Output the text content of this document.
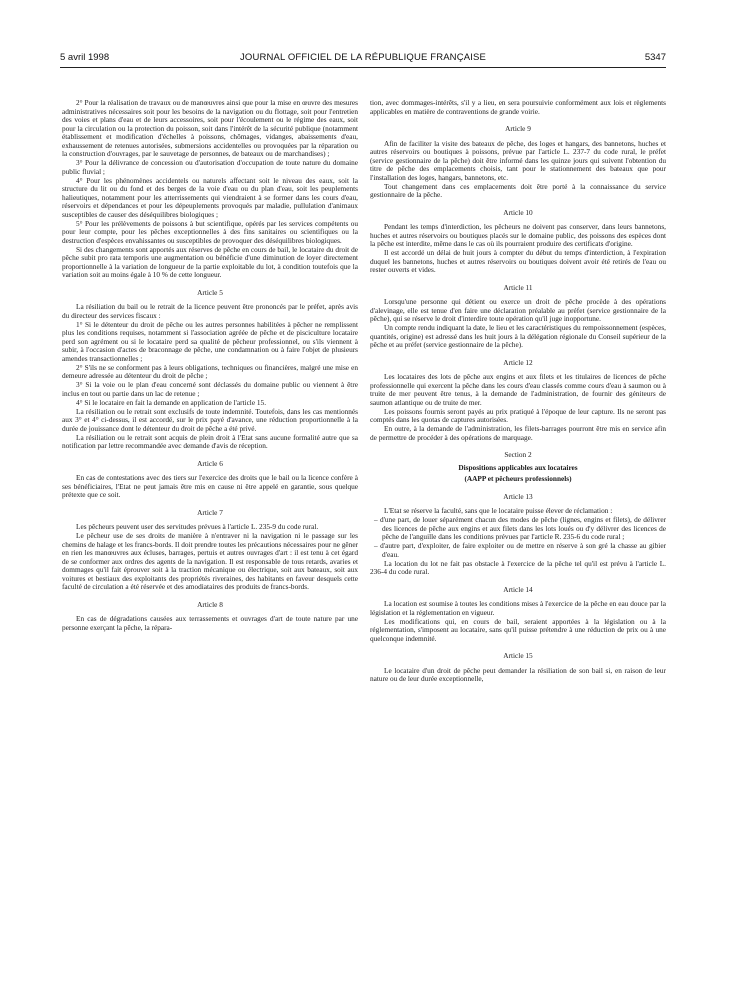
5 avril 1998	JOURNAL OFFICIEL DE LA RÉPUBLIQUE FRANÇAISE	5347

2° Pour la réalisation de travaux ou de manœuvres ainsi que pour la mise en œuvre des mesures administratives nécessaires soit pour les besoins de la navigation ou du flottage, soit pour l'entretien des voies et plans d'eau et de leurs accessoires, soit pour l'écoulement ou le régime des eaux, soit pour la circulation ou la protection du poisson, soit dans l'intérêt de la sécurité publique (notamment établissement et modification d'échelles à poissons, chômages, vidanges, abaissements d'eau, exhaussement de retenues autorisées, submersions accidentelles ou provoquées par la réparation ou la construction d'ouvrages, par le sauvetage de personnes, de bateaux ou de marchandises) ;

3° Pour la délivrance de concession ou d'autorisation d'occupation de toute nature du domaine public fluvial ;

4° Pour les phénomènes accidentels ou naturels affectant soit le niveau des eaux, soit la structure du lit ou du fond et des berges de la voie d'eau ou du plan d'eau, soit les peuplements halieutiques, notamment pour les atterrissements qui viendraient à se former dans les cours d'eau, réservoirs et dépendances et pour les dépeuplements provoqués par maladie, pullulation d'animaux susceptibles de causer des déséquilibres biologiques ;

5° Pour les prélèvements de poissons à but scientifique, opérés par les services compétents ou pour leur compte, pour les pêches exceptionnelles à des fins sanitaires ou scientifiques ou la destruction d'espèces envahissantes ou susceptibles de provoquer des déséquilibres biologiques.

Si des changements sont apportés aux réserves de pêche en cours de bail, le locataire du droit de pêche subit pro rata temporis une augmentation ou bénéficie d'une diminution de loyer directement proportionnelle à la variation de longueur de la partie exploitable du lot, à condition toutefois que la variation soit au moins égale à 10 % de cette longueur.

Article 5

La résiliation du bail ou le retrait de la licence peuvent être prononcés par le préfet, après avis du directeur des services fiscaux :

1° Si le détenteur du droit de pêche ou les autres personnes habilitées à pêcher ne remplissent plus les conditions requises, notamment si l'association agréée de pêche et de pisciculture locataire perd son agrément ou si le locataire perd sa qualité de pêcheur professionnel, ou s'ils viennent à subir, à l'occasion d'actes de braconnage de pêche, une condamnation ou à faire l'objet de plusieurs amendes transactionnelles ;

2° S'ils ne se conforment pas à leurs obligations, techniques ou financières, malgré une mise en demeure adressée au détenteur du droit de pêche ;

3° Si la voie ou le plan d'eau concerné sont déclassés du domaine public ou viennent à être inclus en tout ou partie dans un lac de retenue ;

4° Si le locataire en fait la demande en application de l'article 15.

La résiliation ou le retrait sont exclusifs de toute indemnité. Toutefois, dans les cas mentionnés aux 3° et 4° ci-dessus, il est accordé, sur le prix payé d'avance, une réduction proportionnelle à la durée de jouissance dont le détenteur du droit de pêche a été privé.

La résiliation ou le retrait sont acquis de plein droit à l'Etat sans aucune formalité autre que sa notification par lettre recommandée avec demande d'avis de réception.

Article 6

En cas de contestations avec des tiers sur l'exercice des droits que le bail ou la licence confère à ses bénéficiaires, l'Etat ne peut jamais être mis en cause ni être appelé en garantie, sous quelque prétexte que ce soit.

Article 7

Les pêcheurs peuvent user des servitudes prévues à l'article L. 235-9 du code rural.

Le pêcheur use de ses droits de manière à n'entraver ni la navigation ni le passage sur les chemins de halage et les francs-bords. Il doit prendre toutes les précautions nécessaires pour ne gêner en rien les manœuvres aux écluses, barrages, pertuis et autres ouvrages d'art : il est tenu à cet égard de se conformer aux ordres des agents de la navigation. Il est responsable de tous retards, avaries et dommages qu'il fait éprouver soit à la traction mécanique ou électrique, soit aux bateaux, soit aux voitures et bestiaux des exploitants des propriétés riveraines, des habitants en faveur desquels cette faculté de circulation a été réservée et des amodiataires des produits de francs-bords.

Article 8

En cas de dégradations causées aux terrassements et ouvrages d'art de toute nature par une personne exerçant la pêche, la répara-

tion, avec dommages-intérêts, s'il y a lieu, en sera poursuivie conformément aux lois et règlements applicables en matière de contraventions de grande voirie.

Article 9

Afin de faciliter la visite des bateaux de pêche, des loges et hangars, des bannetons, huches et autres réservoirs ou boutiques à poissons, prévue par l'article L. 237-7 du code rural, le préfet (service gestionnaire de la pêche) doit être informé dans les quinze jours qui suivent l'obtention du titre de pêche des emplacements choisis, tant pour le stationnement des bateaux que pour l'installation des loges, hangars, bannetons, etc.

Tout changement dans ces emplacements doit être porté à la connaissance du service gestionnaire de la pêche.

Article 10

Pendant les temps d'interdiction, les pêcheurs ne doivent pas conserver, dans leurs bannetons, huches et autres réservoirs ou boutiques placés sur le domaine public, des poissons des espèces dont la pêche est interdite, même dans le cas où ils pourraient produire des certificats d'origine.

Il est accordé un délai de huit jours à compter du début du temps d'interdiction, à l'expiration duquel les bannetons, huches et autres réservoirs ou boutiques doivent avoir été retirés de l'eau ou rester ouverts et vides.

Article 11

Lorsqu'une personne qui détient ou exerce un droit de pêche procède à des opérations d'alevinage, elle est tenue d'en faire une déclaration préalable au préfet (service gestionnaire de la pêche), qui se réserve le droit d'interdire toute opération qu'il juge inopportune.

Un compte rendu indiquant la date, le lieu et les caractéristiques du rempoissonnement (espèces, quantités, origine) est adressé dans les huit jours à la délégation régionale du Conseil supérieur de la pêche et au préfet (service gestionnaire de la pêche).

Article 12

Les locataires des lots de pêche aux engins et aux filets et les titulaires de licences de pêche professionnelle qui exercent la pêche dans les cours d'eau classés comme cours d'eau à saumon ou à truite de mer peuvent être tenus, à la demande de l'administration, de fournir des géniteurs de saumon atlantique ou de truite de mer.

Les poissons fournis seront payés au prix pratiqué à l'époque de leur capture. Ils ne seront pas comptés dans les quotas de captures autorisées.

En outre, à la demande de l'administration, les filets-barrages pourront être mis en service afin de permettre de procéder à des opérations de marquage.

Section 2
Dispositions applicables aux locataires
(AAPP et pêcheurs professionnels)
Article 13

L'Etat se réserve la faculté, sans que le locataire puisse élever de réclamation :

– d'une part, de louer séparément chacun des modes de pêche (lignes, engins et filets), de délivrer des licences de pêche aux engins et aux filets dans les lots loués ou d'y délivrer des licences de pêche de l'anguille dans les conditions prévues par l'article R. 235-6 du code rural ;

– d'autre part, d'exploiter, de faire exploiter ou de mettre en réserve à son gré la chasse au gibier d'eau.

La location du lot ne fait pas obstacle à l'exercice de la pêche tel qu'il est prévu à l'article L. 236-4 du code rural.

Article 14

La location est soumise à toutes les conditions mises à l'exercice de la pêche en eau douce par la législation et la réglementation en vigueur.

Les modifications qui, en cours de bail, seraient apportées à la législation ou à la réglementation, s'imposent au locataire, sans qu'il puisse prétendre à une réduction de prix ou à une quelconque indemnité.

Article 15

Le locataire d'un droit de pêche peut demander la résiliation de son bail si, en raison de leur nature ou de leur durée exceptionnelle,
